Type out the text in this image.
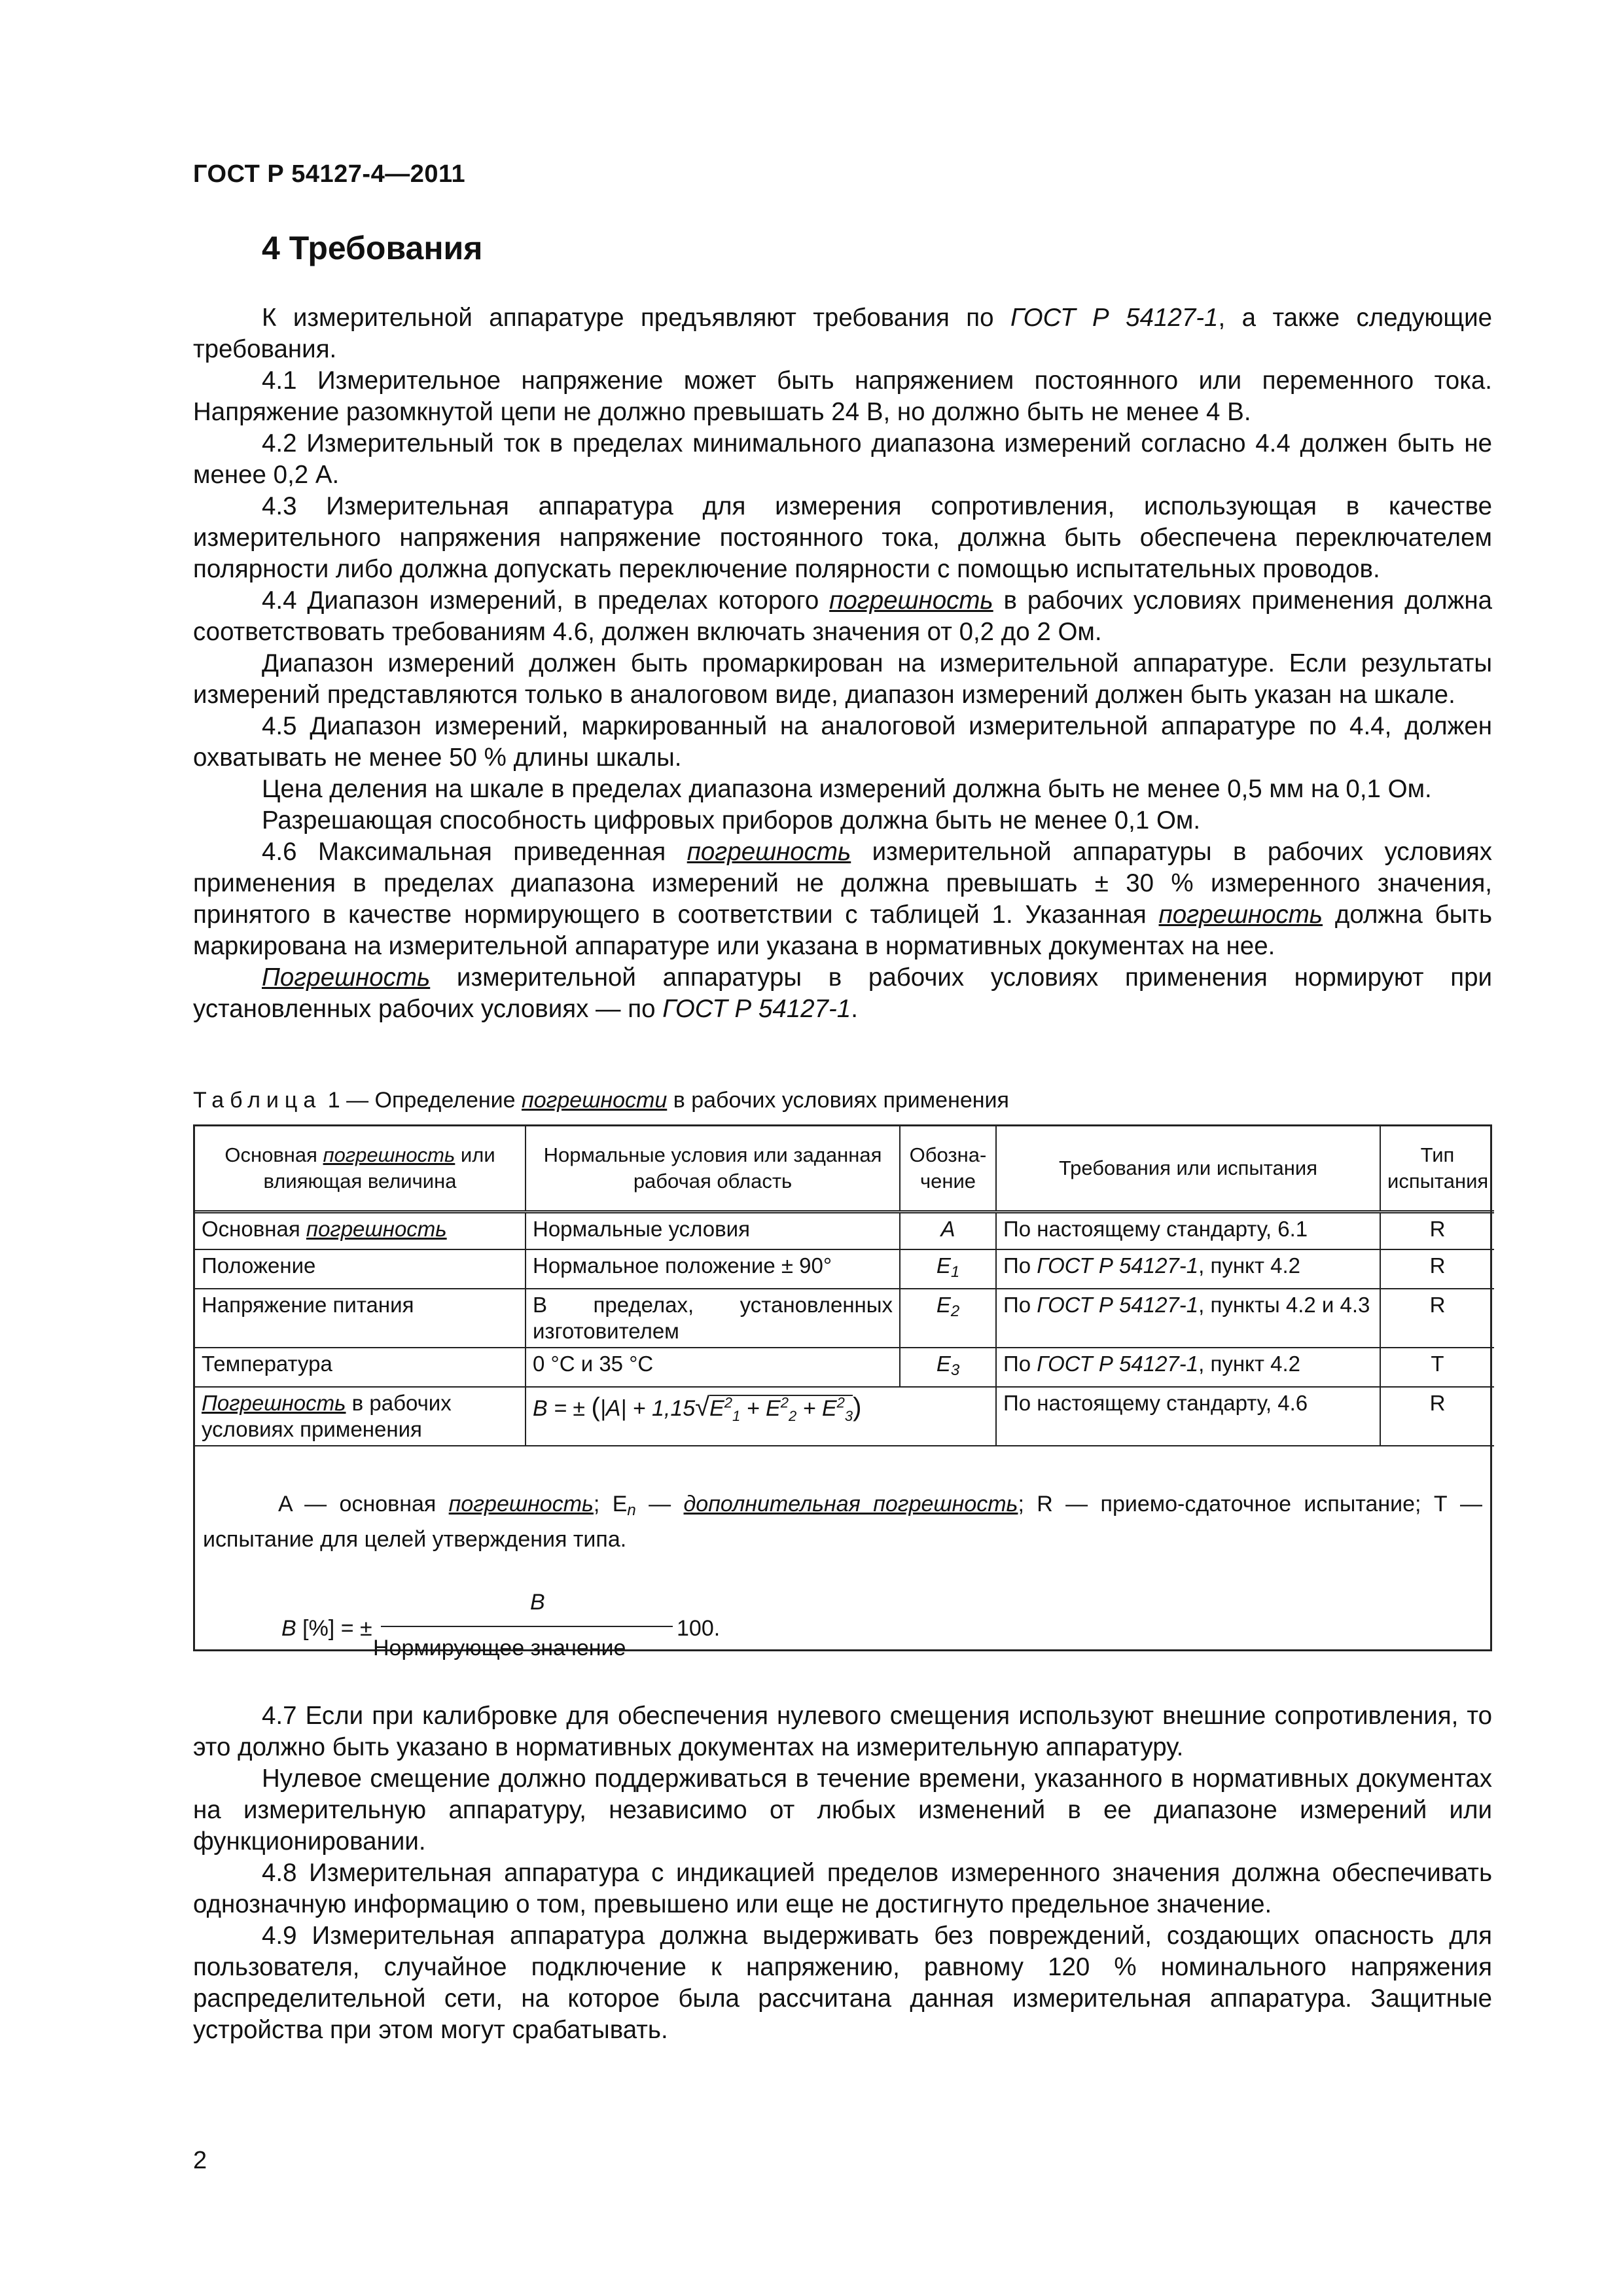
ГОСТ Р 54127-4—2011
4 Требования

К измерительной аппаратуре предъявляют требования по ГОСТ Р 54127-1, а также следующие требования.

4.1 Измерительное напряжение может быть напряжением постоянного или переменного тока. Напряжение разомкнутой цепи не должно превышать 24 В, но должно быть не менее 4 В.

4.2 Измерительный ток в пределах минимального диапазона измерений согласно 4.4 должен быть не менее 0,2 А.

4.3 Измерительная аппаратура для измерения сопротивления, использующая в качестве измерительного напряжения напряжение постоянного тока, должна быть обеспечена переключателем полярности либо должна допускать переключение полярности с помощью испытательных проводов.

4.4 Диапазон измерений, в пределах которого погрешность в рабочих условиях применения должна соответствовать требованиям 4.6, должен включать значения от 0,2 до 2 Ом.

Диапазон измерений должен быть промаркирован на измерительной аппаратуре. Если результаты измерений представляются только в аналоговом виде, диапазон измерений должен быть указан на шкале.

4.5 Диапазон измерений, маркированный на аналоговой измерительной аппаратуре по 4.4, должен охватывать не менее 50 % длины шкалы.

Цена деления на шкале в пределах диапазона измерений должна быть не менее 0,5 мм на 0,1 Ом.

Разрешающая способность цифровых приборов должна быть не менее 0,1 Ом.

4.6 Максимальная приведенная погрешность измерительной аппаратуры в рабочих условиях применения в пределах диапазона измерений не должна превышать ± 30 % измеренного значения, принятого в качестве нормирующего в соответствии с таблицей 1. Указанная погрешность должна быть маркирована на измерительной аппаратуре или указана в нормативных документах на нее.

Погрешность измерительной аппаратуры в рабочих условиях применения нормируют при установленных рабочих условиях — по ГОСТ Р 54127-1.

Таблица 1 — Определение погрешности в рабочих условиях применения
Основная погрешность или влияющая величина	Нормальные условия или заданная рабочая область	Обозна-чение	Требования или испытания	Тип испытания
Основная погрешность	Нормальные условия	A	По настоящему стандарту, 6.1	R
Положение	Нормальное положение ± 90°	$E_1$	По ГОСТ Р 54127-1, пункт 4.2	R
Напряжение питания	В пределах, установленных изготовителем	$E_2$	По ГОСТ Р 54127-1, пункты 4.2 и 4.3	R
Температура	0 °С и 35 °С	$E_3$	По ГОСТ Р 54127-1, пункт 4.2	T
Погрешность в рабочих условиях применения	B = ± $(|A| + 1,15√E^2_1 + E^2_2 + E^2_3)$		По настоящему стандарту, 4.6	R

A — основная погрешность; $E_n$ — дополнительная погрешность; R — приемо-сдаточное испытание; Т — испытание для целей утверждения типа.

B [%] = ±
B
Нормирующее значение
100.

4.7 Если при калибровке для обеспечения нулевого смещения используют внешние сопротивления, то это должно быть указано в нормативных документах на измерительную аппаратуру.

Нулевое смещение должно поддерживаться в течение времени, указанного в нормативных документах на измерительную аппаратуру, независимо от любых изменений в ее диапазоне измерений или функционировании.

4.8 Измерительная аппаратура с индикацией пределов измеренного значения должна обеспечивать однозначную информацию о том, превышено или еще не достигнуто предельное значение.

4.9 Измерительная аппаратура должна выдерживать без повреждений, создающих опасность для пользователя, случайное подключение к напряжению, равному 120 % номинального напряжения распределительной сети, на которое была рассчитана данная измерительная аппаратура. Защитные устройства при этом могут срабатывать.

2
